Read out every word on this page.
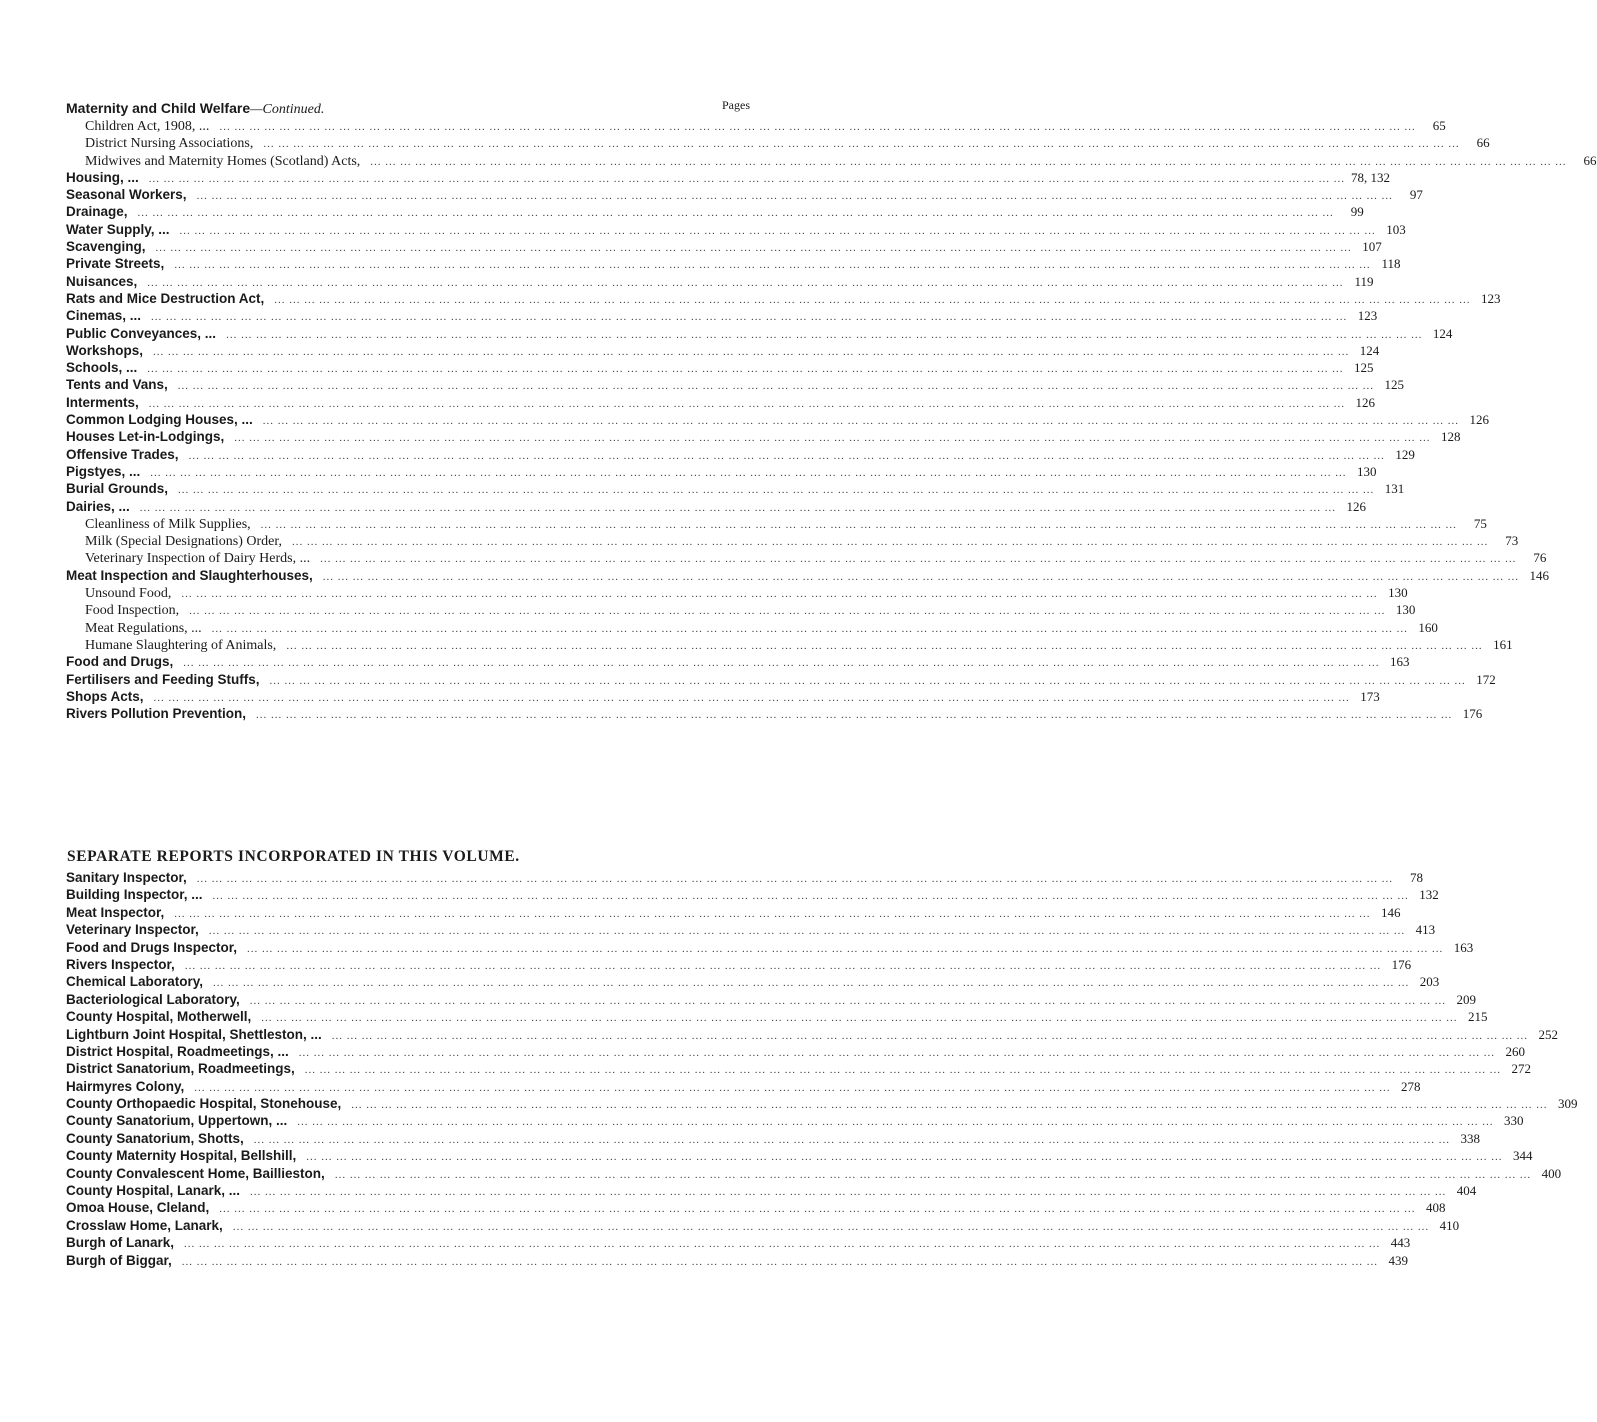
Maternity and Child Welfare—Continued.	Pages
Children Act, 1908, ... ... ... ... ... ... ... ... ... ... ... ... ... ... ... ... ... ... ... ... ... ... ... ... ... ... ... ... ... ... ... ... ... ... ... ... ... ... ... ... ... ... ... ... ... ... ... ... ... ... ... ... ... ... ... ... ... ... ... ... ... ... ... ... ... ... ... ... ... ... ... ... ... ... ... ... ... ... ... ... ...	65
District Nursing Associations, ... ... ... ... ... ... ... ... ... ... ... ... ... ... ... ... ... ... ... ... ... ... ... ... ... ... ... ... ... ... ... ... ... ... ... ... ... ... ... ... ... ... ... ... ... ... ... ... ... ... ... ... ... ... ... ... ... ... ... ... ... ... ... ... ... ... ... ... ... ... ... ... ... ... ... ... ... ... ... ...	66
Midwives and Maternity Homes (Scotland) Acts, ... ... ... ... ... ... ... ... ... ... ... ... ... ... ... ... ... ... ... ... ... ... ... ... ... ... ... ... ... ... ... ... ... ... ... ... ... ... ... ... ... ... ... ... ... ... ... ... ... ... ... ... ... ... ... ... ... ... ... ... ... ... ... ... ... ... ... ... ... ... ... ... ... ... ... ... ... ... ... ...	66
Housing, ... ... ... ... ... ... ... ... ... ... ... ... ... ... ... ... ... ... ... ... ... ... ... ... ... ... ... ... ... ... ... ... ... ... ... ... ... ... ... ... ... ... ... ... ... ... ... ... ... ... ... ... ... ... ... ... ... ... ... ... ... ... ... ... ... ... ... ... ... ... ... ... ... ... ... ... ... ... ... ... ... 78, 132
Seasonal Workers, ... ... ... ... ... ... ... ... ... ... ... ... ... ... ... ... ... ... ... ... ... ... ... ... ... ... ... ... ... ... ... ... ... ... ... ... ... ... ... ... ... ... ... ... ... ... ... ... ... ... ... ... ... ... ... ... ... ... ... ... ... ... ... ... ... ... ... ... ... ... ... ... ... ... ... ... ... ... ... ...	97
Drainage, ... ... ... ... ... ... ... ... ... ... ... ... ... ... ... ... ... ... ... ... ... ... ... ... ... ... ... ... ... ... ... ... ... ... ... ... ... ... ... ... ... ... ... ... ... ... ... ... ... ... ... ... ... ... ... ... ... ... ... ... ... ... ... ... ... ... ... ... ... ... ... ... ... ... ... ... ... ... ... ...	99
Water Supply, ... ... ... ... ... ... ... ... ... ... ... ... ... ... ... ... ... ... ... ... ... ... ... ... ... ... ... ... ... ... ... ... ... ... ... ... ... ... ... ... ... ... ... ... ... ... ... ... ... ... ... ... ... ... ... ... ... ... ... ... ... ... ... ... ... ... ... ... ... ... ... ... ... ... ... ... ... ... ... ... ... 103
Scavenging, ... ... ... ... ... ... ... ... ... ... ... ... ... ... ... ... ... ... ... ... ... ... ... ... ... ... ... ... ... ... ... ... ... ... ... ... ... ... ... ... ... ... ... ... ... ... ... ... ... ... ... ... ... ... ... ... ... ... ... ... ... ... ... ... ... ... ... ... ... ... ... ... ... ... ... ... ... ... ... ... 107
Private Streets, ... ... ... ... ... ... ... ... ... ... ... ... ... ... ... ... ... ... ... ... ... ... ... ... ... ... ... ... ... ... ... ... ... ... ... ... ... ... ... ... ... ... ... ... ... ... ... ... ... ... ... ... ... ... ... ... ... ... ... ... ... ... ... ... ... ... ... ... ... ... ... ... ... ... ... ... ... ... ... ... 118
Nuisances, ... ... ... ... ... ... ... ... ... ... ... ... ... ... ... ... ... ... ... ... ... ... ... ... ... ... ... ... ... ... ... ... ... ... ... ... ... ... ... ... ... ... ... ... ... ... ... ... ... ... ... ... ... ... ... ... ... ... ... ... ... ... ... ... ... ... ... ... ... ... ... ... ... ... ... ... ... ... ... ... 119
Rats and Mice Destruction Act, ... ... ... ... ... ... ... ... ... ... ... ... ... ... ... ... ... ... ... ... ... ... ... ... ... ... ... ... ... ... ... ... ... ... ... ... ... ... ... ... ... ... ... ... ... ... ... ... ... ... ... ... ... ... ... ... ... ... ... ... ... ... ... ... ... ... ... ... ... ... ... ... ... ... ... ... ... ... ... ... 123
Cinemas, ... ... ... ... ... ... ... ... ... ... ... ... ... ... ... ... ... ... ... ... ... ... ... ... ... ... ... ... ... ... ... ... ... ... ... ... ... ... ... ... ... ... ... ... ... ... ... ... ... ... ... ... ... ... ... ... ... ... ... ... ... ... ... ... ... ... ... ... ... ... ... ... ... ... ... ... ... ... ... ... ... 123
Public Conveyances, ... ... ... ... ... ... ... ... ... ... ... ... ... ... ... ... ... ... ... ... ... ... ... ... ... ... ... ... ... ... ... ... ... ... ... ... ... ... ... ... ... ... ... ... ... ... ... ... ... ... ... ... ... ... ... ... ... ... ... ... ... ... ... ... ... ... ... ... ... ... ... ... ... ... ... ... ... ... ... ... ... 124
Workshops, ... ... ... ... ... ... ... ... ... ... ... ... ... ... ... ... ... ... ... ... ... ... ... ... ... ... ... ... ... ... ... ... ... ... ... ... ... ... ... ... ... ... ... ... ... ... ... ... ... ... ... ... ... ... ... ... ... ... ... ... ... ... ... ... ... ... ... ... ... ... ... ... ... ... ... ... ... ... ... ... 124
Schools, ... ... ... ... ... ... ... ... ... ... ... ... ... ... ... ... ... ... ... ... ... ... ... ... ... ... ... ... ... ... ... ... ... ... ... ... ... ... ... ... ... ... ... ... ... ... ... ... ... ... ... ... ... ... ... ... ... ... ... ... ... ... ... ... ... ... ... ... ... ... ... ... ... ... ... ... ... ... ... ... ... 125
Tents and Vans, ... ... ... ... ... ... ... ... ... ... ... ... ... ... ... ... ... ... ... ... ... ... ... ... ... ... ... ... ... ... ... ... ... ... ... ... ... ... ... ... ... ... ... ... ... ... ... ... ... ... ... ... ... ... ... ... ... ... ... ... ... ... ... ... ... ... ... ... ... ... ... ... ... ... ... ... ... ... ... ... 125
Interments, ... ... ... ... ... ... ... ... ... ... ... ... ... ... ... ... ... ... ... ... ... ... ... ... ... ... ... ... ... ... ... ... ... ... ... ... ... ... ... ... ... ... ... ... ... ... ... ... ... ... ... ... ... ... ... ... ... ... ... ... ... ... ... ... ... ... ... ... ... ... ... ... ... ... ... ... ... ... ... ... 126
Common Lodging Houses, ... ... ... ... ... ... ... ... ... ... ... ... ... ... ... ... ... ... ... ... ... ... ... ... ... ... ... ... ... ... ... ... ... ... ... ... ... ... ... ... ... ... ... ... ... ... ... ... ... ... ... ... ... ... ... ... ... ... ... ... ... ... ... ... ... ... ... ... ... ... ... ... ... ... ... ... ... ... ... ... ... 126
Houses Let-in-Lodgings, ... ... ... ... ... ... ... ... ... ... ... ... ... ... ... ... ... ... ... ... ... ... ... ... ... ... ... ... ... ... ... ... ... ... ... ... ... ... ... ... ... ... ... ... ... ... ... ... ... ... ... ... ... ... ... ... ... ... ... ... ... ... ... ... ... ... ... ... ... ... ... ... ... ... ... ... ... ... ... ... 128
Offensive Trades, ... ... ... ... ... ... ... ... ... ... ... ... ... ... ... ... ... ... ... ... ... ... ... ... ... ... ... ... ... ... ... ... ... ... ... ... ... ... ... ... ... ... ... ... ... ... ... ... ... ... ... ... ... ... ... ... ... ... ... ... ... ... ... ... ... ... ... ... ... ... ... ... ... ... ... ... ... ... ... ... 129
Pigstyes, ... ... ... ... ... ... ... ... ... ... ... ... ... ... ... ... ... ... ... ... ... ... ... ... ... ... ... ... ... ... ... ... ... ... ... ... ... ... ... ... ... ... ... ... ... ... ... ... ... ... ... ... ... ... ... ... ... ... ... ... ... ... ... ... ... ... ... ... ... ... ... ... ... ... ... ... ... ... ... ... ... 130
Burial Grounds, ... ... ... ... ... ... ... ... ... ... ... ... ... ... ... ... ... ... ... ... ... ... ... ... ... ... ... ... ... ... ... ... ... ... ... ... ... ... ... ... ... ... ... ... ... ... ... ... ... ... ... ... ... ... ... ... ... ... ... ... ... ... ... ... ... ... ... ... ... ... ... ... ... ... ... ... ... ... ... ... 131
Dairies, ... ... ... ... ... ... ... ... ... ... ... ... ... ... ... ... ... ... ... ... ... ... ... ... ... ... ... ... ... ... ... ... ... ... ... ... ... ... ... ... ... ... ... ... ... ... ... ... ... ... ... ... ... ... ... ... ... ... ... ... ... ... ... ... ... ... ... ... ... ... ... ... ... ... ... ... ... ... ... ... ... 126
Cleanliness of Milk Supplies, ... ... ... ... ... ... ... ... ... ... ... ... ... ... ... ... ... ... ... ... ... ... ... ... ... ... ... ... ... ... ... ... ... ... ... ... ... ... ... ... ... ... ... ... ... ... ... ... ... ... ... ... ... ... ... ... ... ... ... ... ... ... ... ... ... ... ... ... ... ... ... ... ... ... ... ... ... ... ... ...	75
Milk (Special Designations) Order, ... ... ... ... ... ... ... ... ... ... ... ... ... ... ... ... ... ... ... ... ... ... ... ... ... ... ... ... ... ... ... ... ... ... ... ... ... ... ... ... ... ... ... ... ... ... ... ... ... ... ... ... ... ... ... ... ... ... ... ... ... ... ... ... ... ... ... ... ... ... ... ... ... ... ... ... ... ... ... ...	73
Veterinary Inspection of Dairy Herds, ... ... ... ... ... ... ... ... ... ... ... ... ... ... ... ... ... ... ... ... ... ... ... ... ... ... ... ... ... ... ... ... ... ... ... ... ... ... ... ... ... ... ... ... ... ... ... ... ... ... ... ... ... ... ... ... ... ... ... ... ... ... ... ... ... ... ... ... ... ... ... ... ... ... ... ... ... ... ... ... ...	76
Meat Inspection and Slaughterhouses, ... ... ... ... ... ... ... ... ... ... ... ... ... ... ... ... ... ... ... ... ... ... ... ... ... ... ... ... ... ... ... ... ... ... ... ... ... ... ... ... ... ... ... ... ... ... ... ... ... ... ... ... ... ... ... ... ... ... ... ... ... ... ... ... ... ... ... ... ... ... ... ... ... ... ... ... ... ... ... ... 146
Unsound Food, ... ... ... ... ... ... ... ... ... ... ... ... ... ... ... ... ... ... ... ... ... ... ... ... ... ... ... ... ... ... ... ... ... ... ... ... ... ... ... ... ... ... ... ... ... ... ... ... ... ... ... ... ... ... ... ... ... ... ... ... ... ... ... ... ... ... ... ... ... ... ... ... ... ... ... ... ... ... ... ... 130
Food Inspection, ... ... ... ... ... ... ... ... ... ... ... ... ... ... ... ... ... ... ... ... ... ... ... ... ... ... ... ... ... ... ... ... ... ... ... ... ... ... ... ... ... ... ... ... ... ... ... ... ... ... ... ... ... ... ... ... ... ... ... ... ... ... ... ... ... ... ... ... ... ... ... ... ... ... ... ... ... ... ... ... 130
Meat Regulations, ... ... ... ... ... ... ... ... ... ... ... ... ... ... ... ... ... ... ... ... ... ... ... ... ... ... ... ... ... ... ... ... ... ... ... ... ... ... ... ... ... ... ... ... ... ... ... ... ... ... ... ... ... ... ... ... ... ... ... ... ... ... ... ... ... ... ... ... ... ... ... ... ... ... ... ... ... ... ... ... ... 160
Humane Slaughtering of Animals, ... ... ... ... ... ... ... ... ... ... ... ... ... ... ... ... ... ... ... ... ... ... ... ... ... ... ... ... ... ... ... ... ... ... ... ... ... ... ... ... ... ... ... ... ... ... ... ... ... ... ... ... ... ... ... ... ... ... ... ... ... ... ... ... ... ... ... ... ... ... ... ... ... ... ... ... ... ... ... ... 161
Food and Drugs, ... ... ... ... ... ... ... ... ... ... ... ... ... ... ... ... ... ... ... ... ... ... ... ... ... ... ... ... ... ... ... ... ... ... ... ... ... ... ... ... ... ... ... ... ... ... ... ... ... ... ... ... ... ... ... ... ... ... ... ... ... ... ... ... ... ... ... ... ... ... ... ... ... ... ... ... ... ... ... ... 163
Fertilisers and Feeding Stuffs, ... ... ... ... ... ... ... ... ... ... ... ... ... ... ... ... ... ... ... ... ... ... ... ... ... ... ... ... ... ... ... ... ... ... ... ... ... ... ... ... ... ... ... ... ... ... ... ... ... ... ... ... ... ... ... ... ... ... ... ... ... ... ... ... ... ... ... ... ... ... ... ... ... ... ... ... ... ... ... ... 172
Shops Acts, ... ... ... ... ... ... ... ... ... ... ... ... ... ... ... ... ... ... ... ... ... ... ... ... ... ... ... ... ... ... ... ... ... ... ... ... ... ... ... ... ... ... ... ... ... ... ... ... ... ... ... ... ... ... ... ... ... ... ... ... ... ... ... ... ... ... ... ... ... ... ... ... ... ... ... ... ... ... ... ... 173
Rivers Pollution Prevention, ... ... ... ... ... ... ... ... ... ... ... ... ... ... ... ... ... ... ... ... ... ... ... ... ... ... ... ... ... ... ... ... ... ... ... ... ... ... ... ... ... ... ... ... ... ... ... ... ... ... ... ... ... ... ... ... ... ... ... ... ... ... ... ... ... ... ... ... ... ... ... ... ... ... ... ... ... ... ... ... 176
SEPARATE REPORTS INCORPORATED IN THIS VOLUME.
Sanitary Inspector, ... ... ... ... ... ... ... ... ... ... ... ... ... ... ... ... ... ... ... ... ... ... ... ... ... ... ... ... ... ... ... ... ... ... ... ... ... ... ... ... ... ... ... ... ... ... ... ... ... ... ... ... ... ... ... ... ... ... ... ... ... ... ... ... ... ... ... ... ... ... ... ... ... ... ... ... ... ... ... ...	78
Building Inspector, ... ... ... ... ... ... ... ... ... ... ... ... ... ... ... ... ... ... ... ... ... ... ... ... ... ... ... ... ... ... ... ... ... ... ... ... ... ... ... ... ... ... ... ... ... ... ... ... ... ... ... ... ... ... ... ... ... ... ... ... ... ... ... ... ... ... ... ... ... ... ... ... ... ... ... ... ... ... ... ... ... 132
Meat Inspector, ... ... ... ... ... ... ... ... ... ... ... ... ... ... ... ... ... ... ... ... ... ... ... ... ... ... ... ... ... ... ... ... ... ... ... ... ... ... ... ... ... ... ... ... ... ... ... ... ... ... ... ... ... ... ... ... ... ... ... ... ... ... ... ... ... ... ... ... ... ... ... ... ... ... ... ... ... ... ... ... 146
Veterinary Inspector, ... ... ... ... ... ... ... ... ... ... ... ... ... ... ... ... ... ... ... ... ... ... ... ... ... ... ... ... ... ... ... ... ... ... ... ... ... ... ... ... ... ... ... ... ... ... ... ... ... ... ... ... ... ... ... ... ... ... ... ... ... ... ... ... ... ... ... ... ... ... ... ... ... ... ... ... ... ... ... ... 413
Food and Drugs Inspector, ... ... ... ... ... ... ... ... ... ... ... ... ... ... ... ... ... ... ... ... ... ... ... ... ... ... ... ... ... ... ... ... ... ... ... ... ... ... ... ... ... ... ... ... ... ... ... ... ... ... ... ... ... ... ... ... ... ... ... ... ... ... ... ... ... ... ... ... ... ... ... ... ... ... ... ... ... ... ... ... 163
Rivers Inspector, ... ... ... ... ... ... ... ... ... ... ... ... ... ... ... ... ... ... ... ... ... ... ... ... ... ... ... ... ... ... ... ... ... ... ... ... ... ... ... ... ... ... ... ... ... ... ... ... ... ... ... ... ... ... ... ... ... ... ... ... ... ... ... ... ... ... ... ... ... ... ... ... ... ... ... ... ... ... ... ... 176
Chemical Laboratory, ... ... ... ... ... ... ... ... ... ... ... ... ... ... ... ... ... ... ... ... ... ... ... ... ... ... ... ... ... ... ... ... ... ... ... ... ... ... ... ... ... ... ... ... ... ... ... ... ... ... ... ... ... ... ... ... ... ... ... ... ... ... ... ... ... ... ... ... ... ... ... ... ... ... ... ... ... ... ... ... 203
Bacteriological Laboratory, ... ... ... ... ... ... ... ... ... ... ... ... ... ... ... ... ... ... ... ... ... ... ... ... ... ... ... ... ... ... ... ... ... ... ... ... ... ... ... ... ... ... ... ... ... ... ... ... ... ... ... ... ... ... ... ... ... ... ... ... ... ... ... ... ... ... ... ... ... ... ... ... ... ... ... ... ... ... ... ... 209
County Hospital, Motherwell, ... ... ... ... ... ... ... ... ... ... ... ... ... ... ... ... ... ... ... ... ... ... ... ... ... ... ... ... ... ... ... ... ... ... ... ... ... ... ... ... ... ... ... ... ... ... ... ... ... ... ... ... ... ... ... ... ... ... ... ... ... ... ... ... ... ... ... ... ... ... ... ... ... ... ... ... ... ... ... ... 215
Lightburn Joint Hospital, Shettleston, ... ... ... ... ... ... ... ... ... ... ... ... ... ... ... ... ... ... ... ... ... ... ... ... ... ... ... ... ... ... ... ... ... ... ... ... ... ... ... ... ... ... ... ... ... ... ... ... ... ... ... ... ... ... ... ... ... ... ... ... ... ... ... ... ... ... ... ... ... ... ... ... ... ... ... ... ... ... ... ... ... 252
District Hospital, Roadmeetings, ... ... ... ... ... ... ... ... ... ... ... ... ... ... ... ... ... ... ... ... ... ... ... ... ... ... ... ... ... ... ... ... ... ... ... ... ... ... ... ... ... ... ... ... ... ... ... ... ... ... ... ... ... ... ... ... ... ... ... ... ... ... ... ... ... ... ... ... ... ... ... ... ... ... ... ... ... ... ... ... ... 260
District Sanatorium, Roadmeetings, ... ... ... ... ... ... ... ... ... ... ... ... ... ... ... ... ... ... ... ... ... ... ... ... ... ... ... ... ... ... ... ... ... ... ... ... ... ... ... ... ... ... ... ... ... ... ... ... ... ... ... ... ... ... ... ... ... ... ... ... ... ... ... ... ... ... ... ... ... ... ... ... ... ... ... ... ... ... ... ... 272
Hairmyres Colony, ... ... ... ... ... ... ... ... ... ... ... ... ... ... ... ... ... ... ... ... ... ... ... ... ... ... ... ... ... ... ... ... ... ... ... ... ... ... ... ... ... ... ... ... ... ... ... ... ... ... ... ... ... ... ... ... ... ... ... ... ... ... ... ... ... ... ... ... ... ... ... ... ... ... ... ... ... ... ... ... 278
County Orthopaedic Hospital, Stonehouse, ... ... ... ... ... ... ... ... ... ... ... ... ... ... ... ... ... ... ... ... ... ... ... ... ... ... ... ... ... ... ... ... ... ... ... ... ... ... ... ... ... ... ... ... ... ... ... ... ... ... ... ... ... ... ... ... ... ... ... ... ... ... ... ... ... ... ... ... ... ... ... ... ... ... ... ... ... ... ... ... 309
County Sanatorium, Uppertown, ... ... ... ... ... ... ... ... ... ... ... ... ... ... ... ... ... ... ... ... ... ... ... ... ... ... ... ... ... ... ... ... ... ... ... ... ... ... ... ... ... ... ... ... ... ... ... ... ... ... ... ... ... ... ... ... ... ... ... ... ... ... ... ... ... ... ... ... ... ... ... ... ... ... ... ... ... ... ... ... ... 330
County Sanatorium, Shotts, ... ... ... ... ... ... ... ... ... ... ... ... ... ... ... ... ... ... ... ... ... ... ... ... ... ... ... ... ... ... ... ... ... ... ... ... ... ... ... ... ... ... ... ... ... ... ... ... ... ... ... ... ... ... ... ... ... ... ... ... ... ... ... ... ... ... ... ... ... ... ... ... ... ... ... ... ... ... ... ... 338
County Maternity Hospital, Bellshill, ... ... ... ... ... ... ... ... ... ... ... ... ... ... ... ... ... ... ... ... ... ... ... ... ... ... ... ... ... ... ... ... ... ... ... ... ... ... ... ... ... ... ... ... ... ... ... ... ... ... ... ... ... ... ... ... ... ... ... ... ... ... ... ... ... ... ... ... ... ... ... ... ... ... ... ... ... ... ... ... 344
County Convalescent Home, Baillieston, ... ... ... ... ... ... ... ... ... ... ... ... ... ... ... ... ... ... ... ... ... ... ... ... ... ... ... ... ... ... ... ... ... ... ... ... ... ... ... ... ... ... ... ... ... ... ... ... ... ... ... ... ... ... ... ... ... ... ... ... ... ... ... ... ... ... ... ... ... ... ... ... ... ... ... ... ... ... ... ... 400
County Hospital, Lanark, ... ... ... ... ... ... ... ... ... ... ... ... ... ... ... ... ... ... ... ... ... ... ... ... ... ... ... ... ... ... ... ... ... ... ... ... ... ... ... ... ... ... ... ... ... ... ... ... ... ... ... ... ... ... ... ... ... ... ... ... ... ... ... ... ... ... ... ... ... ... ... ... ... ... ... ... ... ... ... ... ... 404
Omoa House, Cleland, ... ... ... ... ... ... ... ... ... ... ... ... ... ... ... ... ... ... ... ... ... ... ... ... ... ... ... ... ... ... ... ... ... ... ... ... ... ... ... ... ... ... ... ... ... ... ... ... ... ... ... ... ... ... ... ... ... ... ... ... ... ... ... ... ... ... ... ... ... ... ... ... ... ... ... ... ... ... ... ... 408
Crosslaw Home, Lanark, ... ... ... ... ... ... ... ... ... ... ... ... ... ... ... ... ... ... ... ... ... ... ... ... ... ... ... ... ... ... ... ... ... ... ... ... ... ... ... ... ... ... ... ... ... ... ... ... ... ... ... ... ... ... ... ... ... ... ... ... ... ... ... ... ... ... ... ... ... ... ... ... ... ... ... ... ... ... ... ... 410
Burgh of Lanark, ... ... ... ... ... ... ... ... ... ... ... ... ... ... ... ... ... ... ... ... ... ... ... ... ... ... ... ... ... ... ... ... ... ... ... ... ... ... ... ... ... ... ... ... ... ... ... ... ... ... ... ... ... ... ... ... ... ... ... ... ... ... ... ... ... ... ... ... ... ... ... ... ... ... ... ... ... ... ... ... 443
Burgh of Biggar, ... ... ... ... ... ... ... ... ... ... ... ... ... ... ... ... ... ... ... ... ... ... ... ... ... ... ... ... ... ... ... ... ... ... ... ... ... ... ... ... ... ... ... ... ... ... ... ... ... ... ... ... ... ... ... ... ... ... ... ... ... ... ... ... ... ... ... ... ... ... ... ... ... ... ... ... ... ... ... ... 439
